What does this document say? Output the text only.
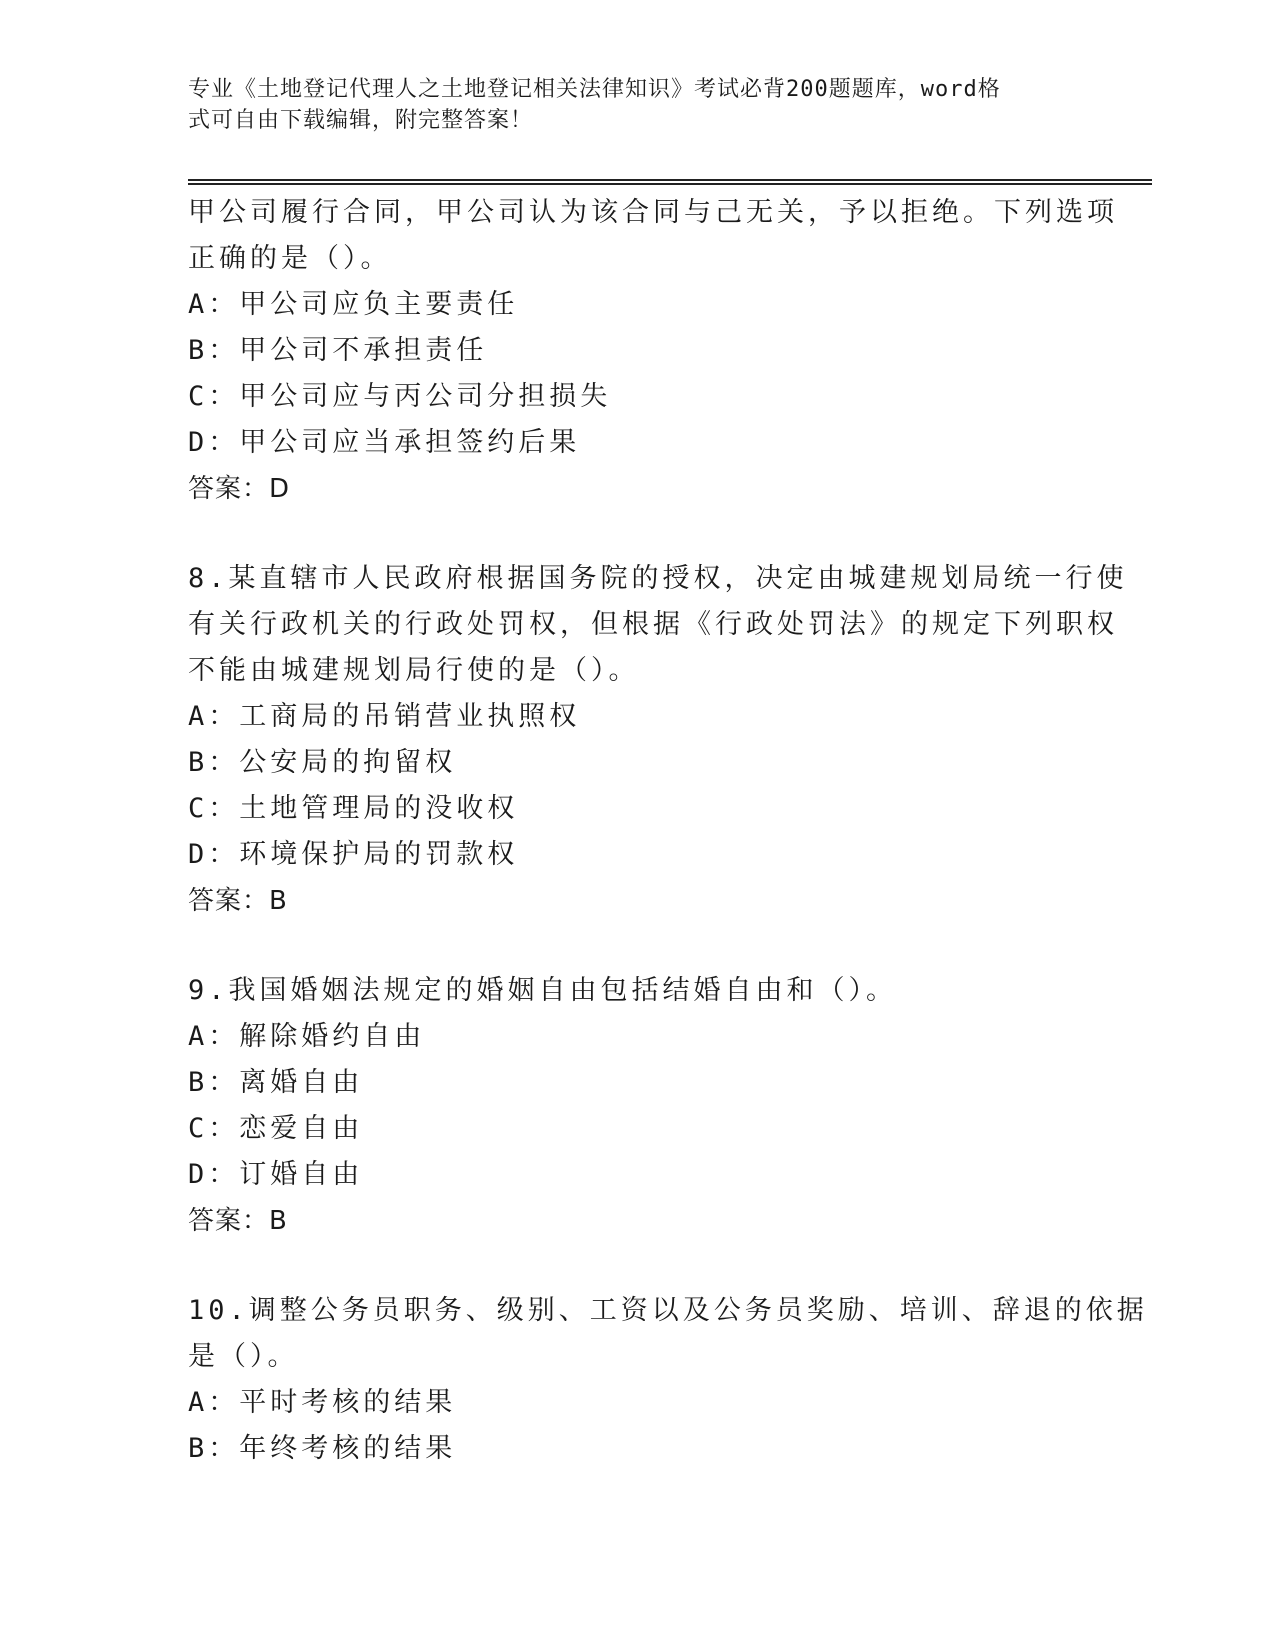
专业《土地登记代理人之土地登记相关法律知识》考试必背200题题库，word格
式可自由下载编辑，附完整答案！
甲公司履行合同，甲公司认为该合同与己无关，予以拒绝。下列选项
正确的是（）。
A：甲公司应负主要责任
B：甲公司不承担责任
C：甲公司应与丙公司分担损失
D：甲公司应当承担签约后果
答案：D
8.某直辖市人民政府根据国务院的授权，决定由城建规划局统一行使
有关行政机关的行政处罚权，但根据《行政处罚法》的规定下列职权
不能由城建规划局行使的是（）。
A：工商局的吊销营业执照权
B：公安局的拘留权
C：土地管理局的没收权
D：环境保护局的罚款权
答案：B
9.我国婚姻法规定的婚姻自由包括结婚自由和（）。
A：解除婚约自由
B：离婚自由
C：恋爱自由
D：订婚自由
答案：B
10.调整公务员职务、级别、工资以及公务员奖励、培训、辞退的依据
是（）。
A：平时考核的结果
B：年终考核的结果
